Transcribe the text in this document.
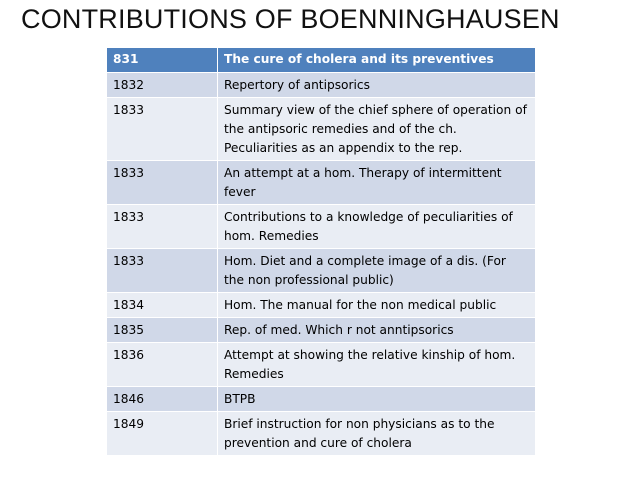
CONTRIBUTIONS OF BOENNINGHAUSEN
831	The cure of cholera and its preventives
1832	Repertory of antipsorics
1833	Summary view of the chief sphere of operation of the antipsoric remedies and of the ch. Peculiarities as an appendix to the rep.
1833	An attempt at a hom. Therapy of intermittent fever
1833	Contributions to a knowledge of peculiarities of hom. Remedies
1833	Hom. Diet and a complete image of a dis. (For the non professional public)
1834	Hom. The manual for the non medical public
1835	Rep. of med. Which r not anntipsorics
1836	Attempt at showing the relative kinship of hom. Remedies
1846	BTPB
1849	Brief instruction for non physicians as to the prevention and cure of cholera
